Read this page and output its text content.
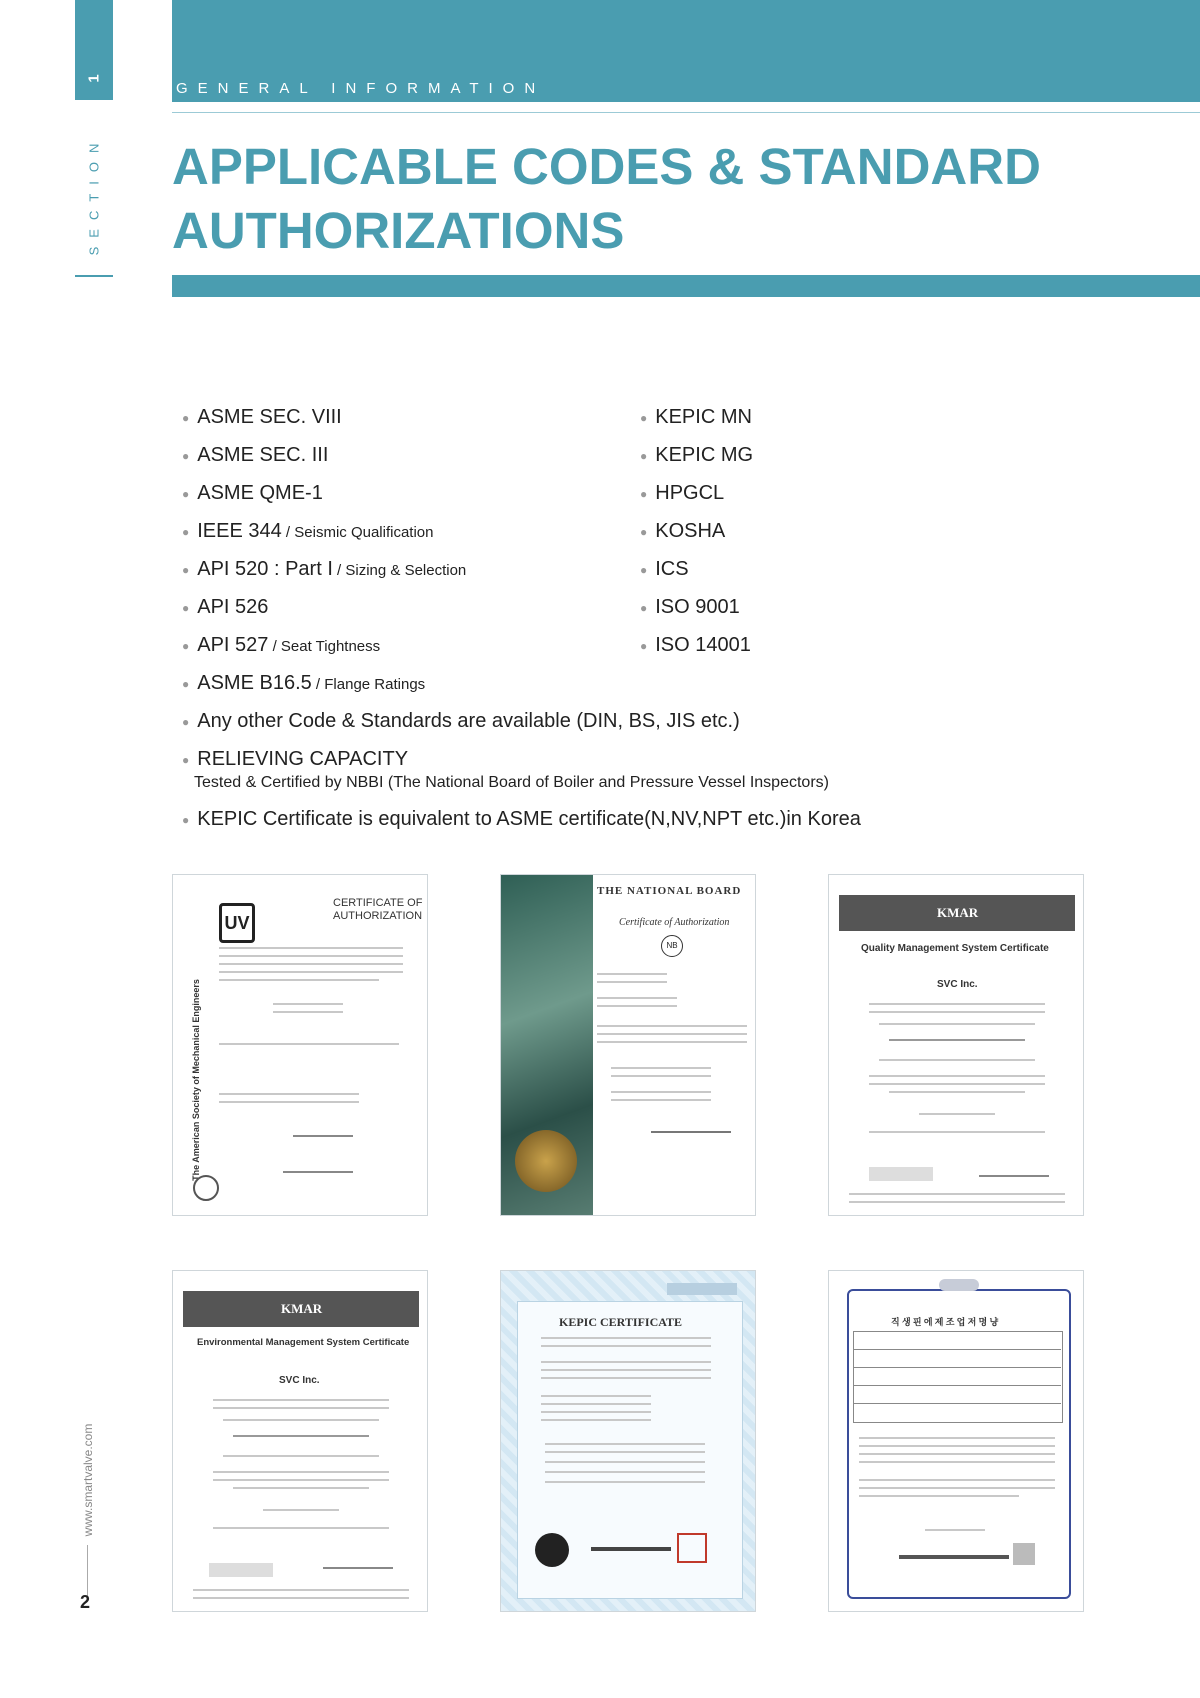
1
SECTION
GENERAL INFORMATION
APPLICABLE CODES & STANDARD
AUTHORIZATIONS
● ASME SEC. VIII
● ASME SEC. III
● ASME QME-1
● IEEE 344 / Seismic Qualification
● API 520 : Part I / Sizing & Selection
● API 526
● API 527 / Seat Tightness
● ASME B16.5 / Flange Ratings
● KEPIC MN
● KEPIC MG
● HPGCL
● KOSHA
● ICS
● ISO 9001
● ISO 14001
● Any other Code & Standards are available (DIN, BS, JIS etc.)
● RELIEVING CAPACITY
Tested & Certified by NBBI (The National Board of Boiler and Pressure Vessel Inspectors)
● KEPIC Certificate is equivalent to ASME certificate(N,NV,NPT etc.)in Korea
UV
CERTIFICATE OF
AUTHORIZATION
The American Society of Mechanical Engineers
THE NATIONAL BOARD
Certificate of Authorization
NB
KMAR
Quality Management System Certificate
SVC Inc.
KMAR
Environmental Management System Certificate
SVC Inc.
KEPIC CERTIFICATE	직 생 핀 에 제 조 업 저 명 냥
www.smartvalve.com
2
